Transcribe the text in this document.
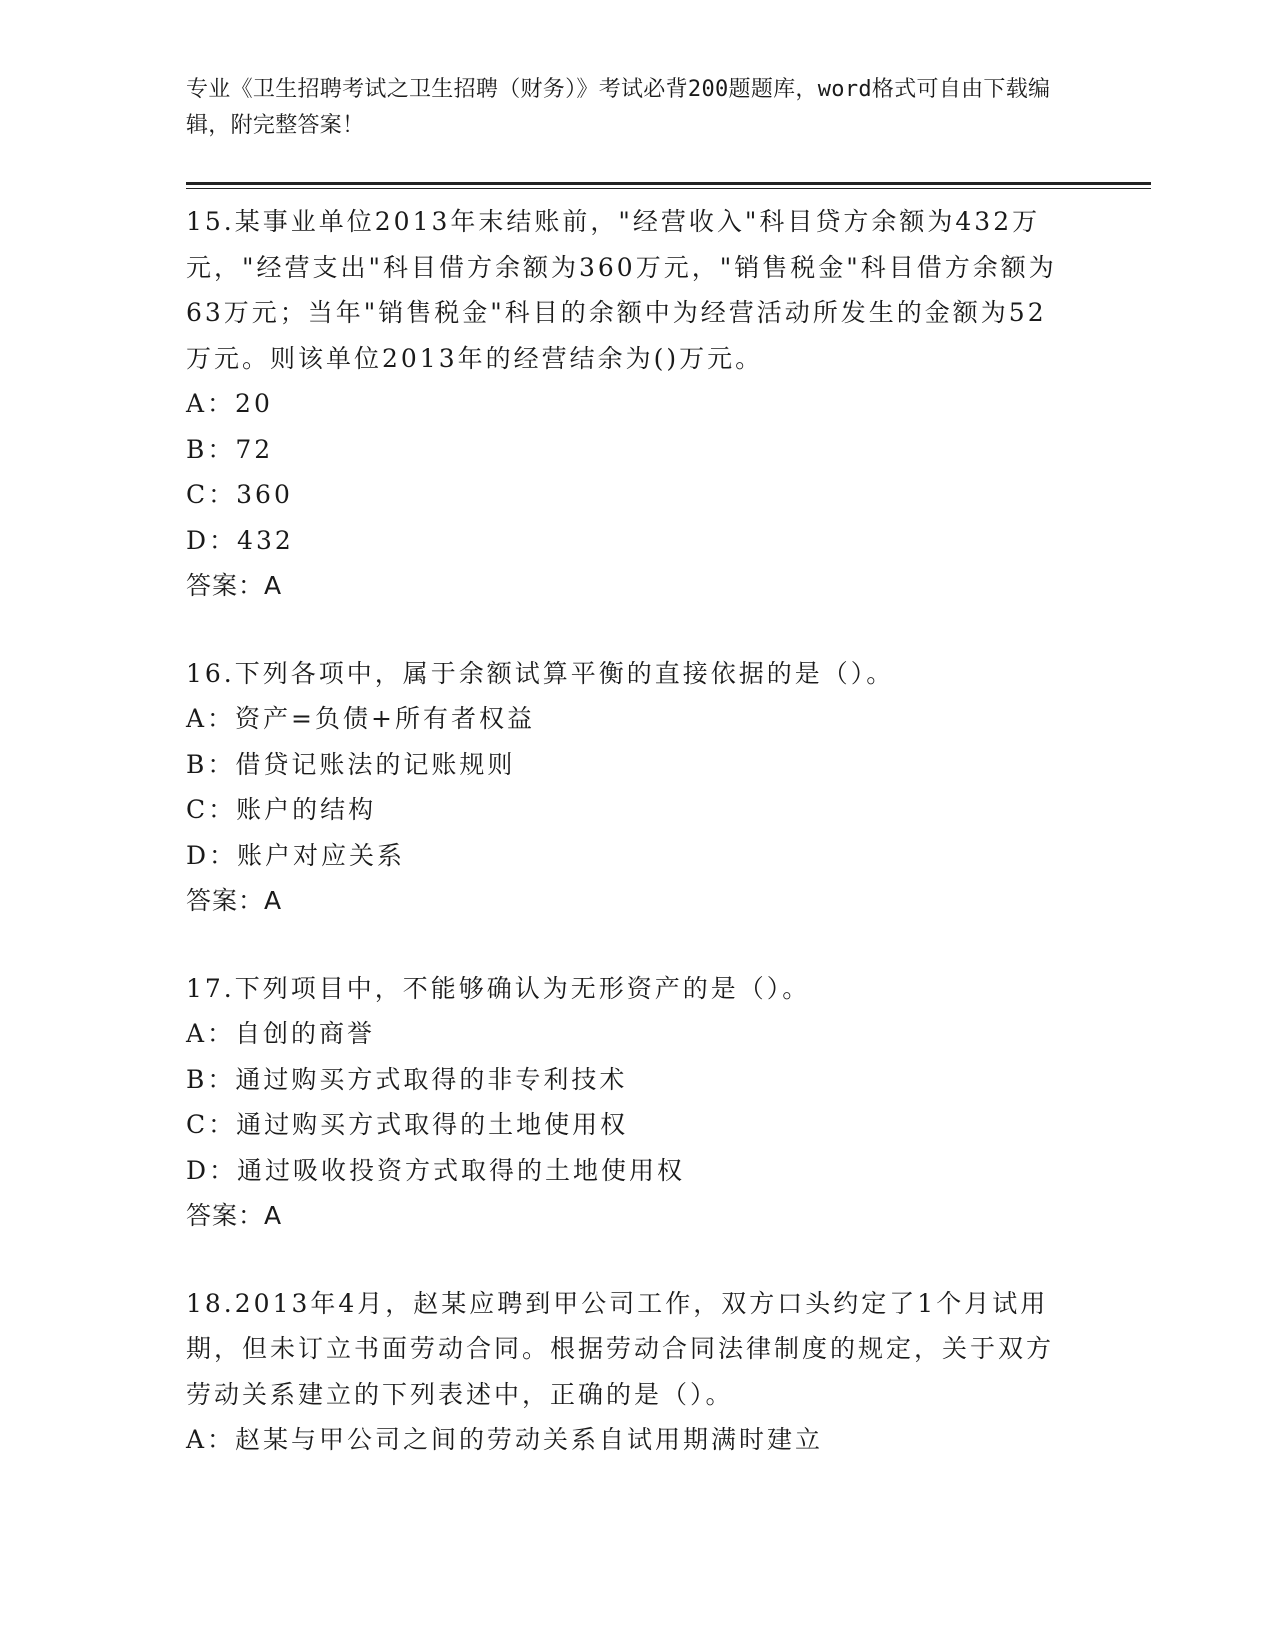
专业《卫生招聘考试之卫生招聘（财务）》考试必背200题题库，word格式可自由下载编辑，附完整答案！

15.某事业单位2013年末结账前，"经营收入"科目贷方余额为432万元，"经营支出"科目借方余额为360万元，"销售税金"科目借方余额为63万元；当年"销售税金"科目的余额中为经营活动所发生的金额为52万元。则该单位2013年的经营结余为()万元。

A：20

B：72

C：360

D：432

答案：A

16.下列各项中，属于余额试算平衡的直接依据的是（）。

A：资产=负债+所有者权益

B：借贷记账法的记账规则

C：账户的结构

D：账户对应关系

答案：A

17.下列项目中，不能够确认为无形资产的是（）。

A：自创的商誉

B：通过购买方式取得的非专利技术

C：通过购买方式取得的土地使用权

D：通过吸收投资方式取得的土地使用权

答案：A

18.2013年4月，赵某应聘到甲公司工作，双方口头约定了1个月试用期，但未订立书面劳动合同。根据劳动合同法律制度的规定，关于双方劳动关系建立的下列表述中，正确的是（）。

A：赵某与甲公司之间的劳动关系自试用期满时建立
